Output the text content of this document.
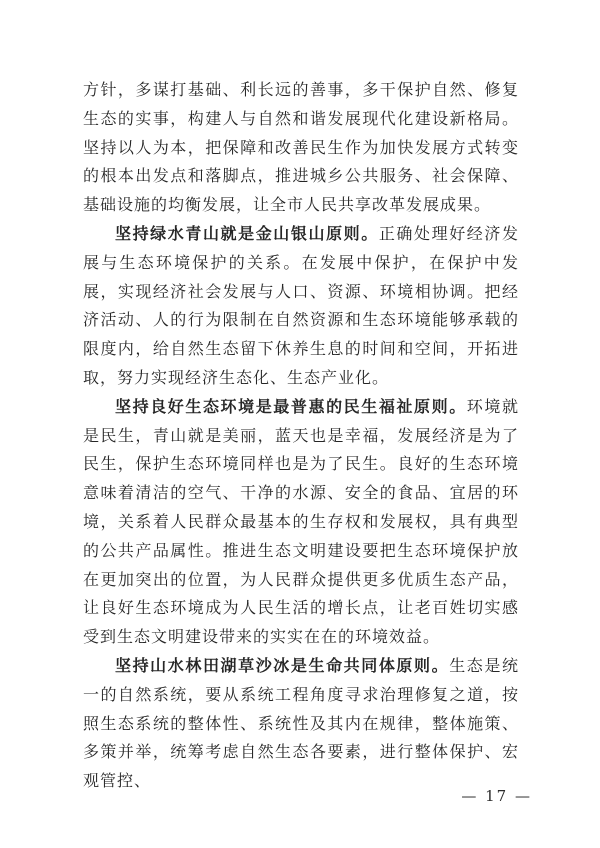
方针，多谋打基础、利长远的善事，多干保护自然、修复生态的实事，构建人与自然和谐发展现代化建设新格局。坚持以人为本，把保障和改善民生作为加快发展方式转变的根本出发点和落脚点，推进城乡公共服务、社会保障、基础设施的均衡发展，让全市人民共享改革发展成果。

坚持绿水青山就是金山银山原则。正确处理好经济发展与生态环境保护的关系。在发展中保护，在保护中发展，实现经济社会发展与人口、资源、环境相协调。把经济活动、人的行为限制在自然资源和生态环境能够承载的限度内，给自然生态留下休养生息的时间和空间，开拓进取，努力实现经济生态化、生态产业化。

坚持良好生态环境是最普惠的民生福祉原则。环境就是民生，青山就是美丽，蓝天也是幸福，发展经济是为了民生，保护生态环境同样也是为了民生。良好的生态环境意味着清洁的空气、干净的水源、安全的食品、宜居的环境，关系着人民群众最基本的生存权和发展权，具有典型的公共产品属性。推进生态文明建设要把生态环境保护放在更加突出的位置，为人民群众提供更多优质生态产品，让良好生态环境成为人民生活的增长点，让老百姓切实感受到生态文明建设带来的实实在在的环境效益。

坚持山水林田湖草沙冰是生命共同体原则。生态是统一的自然系统，要从系统工程角度寻求治理修复之道，按照生态系统的整体性、系统性及其内在规律，整体施策、多策并举，统筹考虑自然生态各要素，进行整体保护、宏观管控、

— 17 —
